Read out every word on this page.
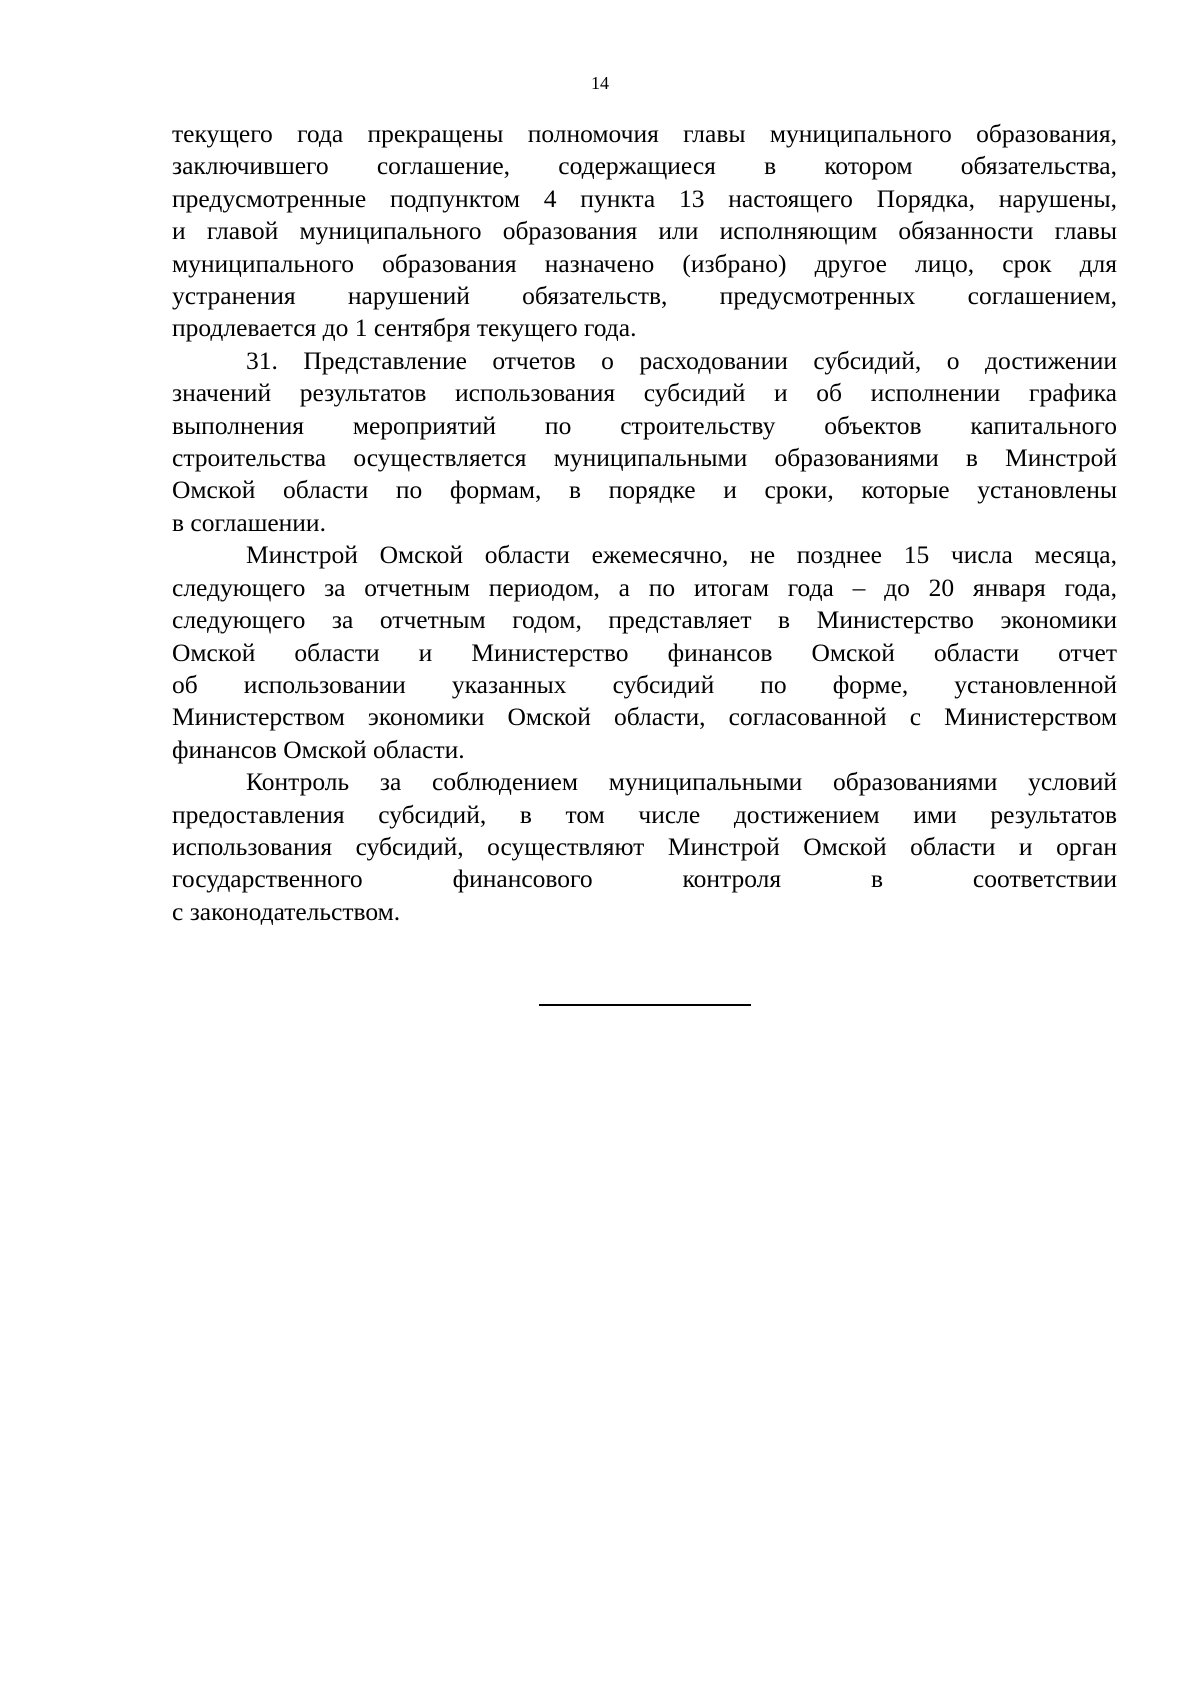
14
текущего года прекращены полномочия главы муниципального образования,
заключившего соглашение, содержащиеся в котором обязательства,
предусмотренные подпунктом 4 пункта 13 настоящего Порядка, нарушены,
и главой муниципального образования или исполняющим обязанности главы
муниципального образования назначено (избрано) другое лицо, срок для
устранения нарушений обязательств, предусмотренных соглашением,
продлевается до 1 сентября текущего года.
31. Представление отчетов о расходовании субсидий, о достижении
значений результатов использования субсидий и об исполнении графика
выполнения мероприятий по строительству объектов капитального
строительства осуществляется муниципальными образованиями в Минстрой
Омской области по формам, в порядке и сроки, которые установлены
в соглашении.
Минстрой Омской области ежемесячно, не позднее 15 числа месяца,
следующего за отчетным периодом, а по итогам года – до 20 января года,
следующего за отчетным годом, представляет в Министерство экономики
Омской области и Министерство финансов Омской области отчет
об использовании указанных субсидий по форме, установленной
Министерством экономики Омской области, согласованной с Министерством
финансов Омской области.
Контроль за соблюдением муниципальными образованиями условий
предоставления субсидий, в том числе достижением ими результатов
использования субсидий, осуществляют Минстрой Омской области и орган
государственного финансового контроля в соответствии
с законодательством.
